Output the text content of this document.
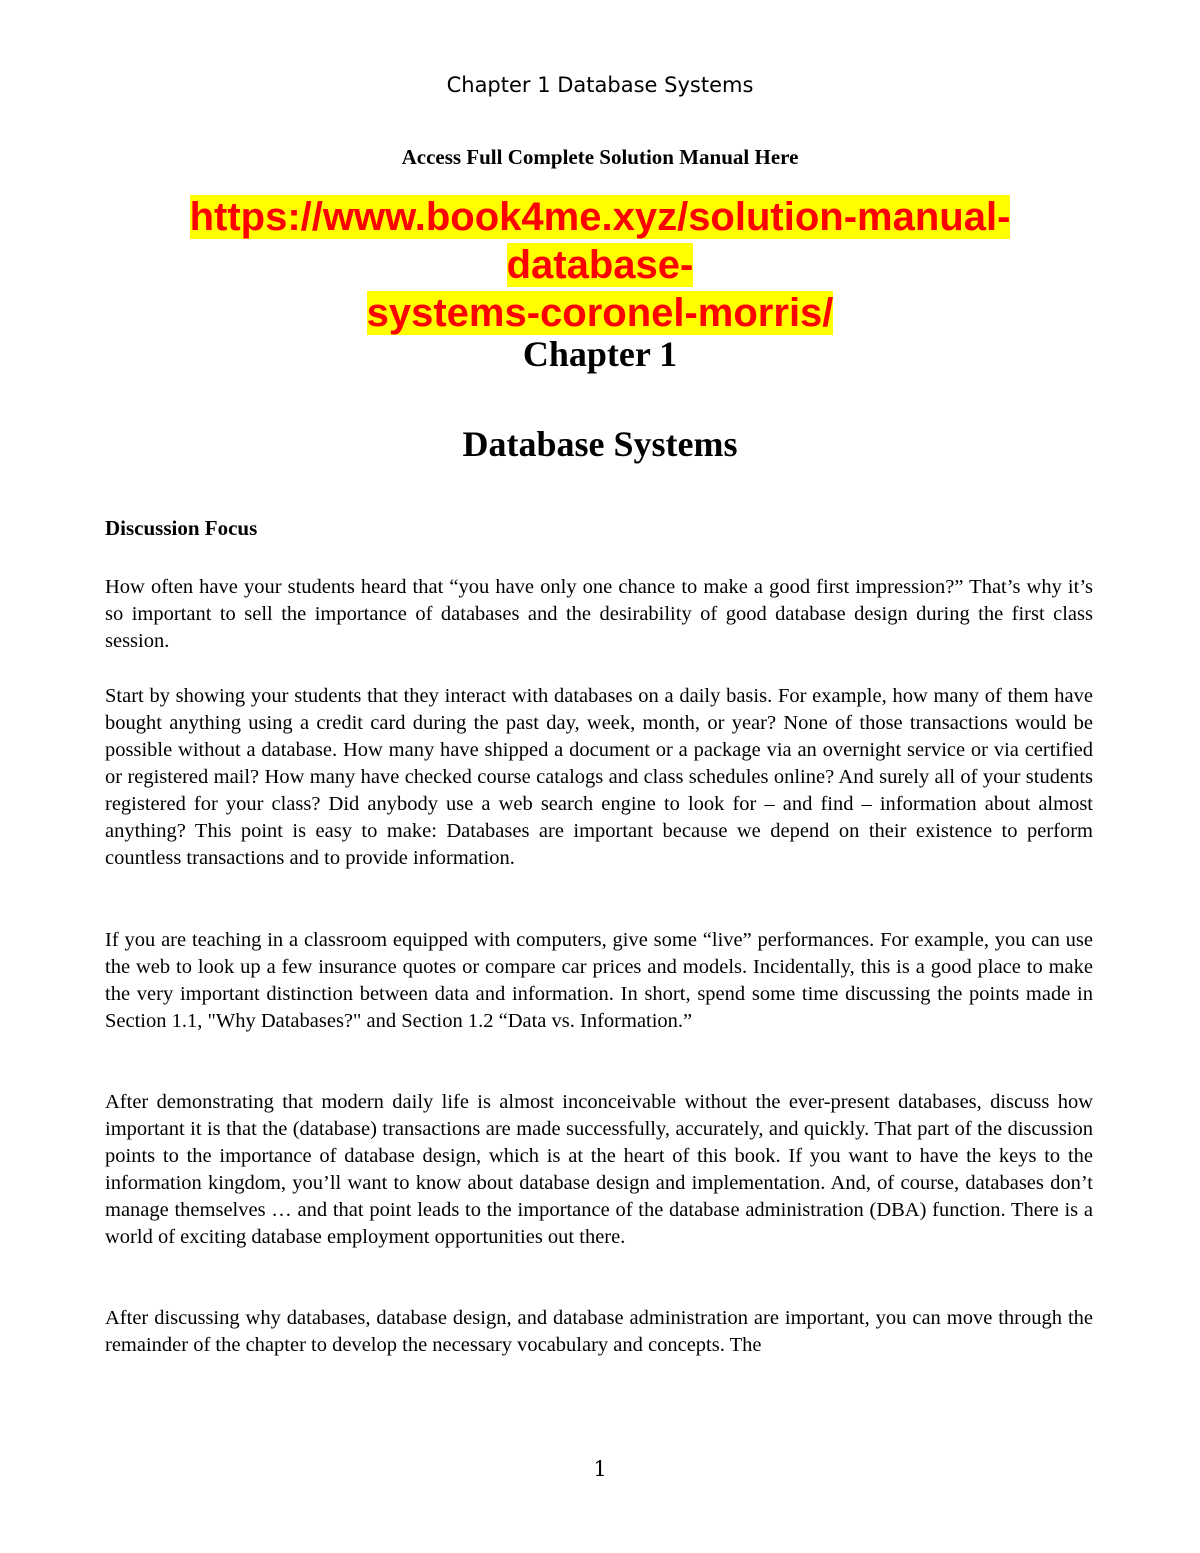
Chapter 1 Database Systems
Access Full Complete Solution Manual Here
https://www.book4me.xyz/solution-manual-database-
systems-coronel-morris/
Chapter 1
Database Systems
Discussion Focus
How often have your students heard that “you have only one chance to make a good first impression?” That’s why it’s so important to sell the importance of databases and the desirability of good database design during the first class session.
Start by showing your students that they interact with databases on a daily basis. For example, how many of them have bought anything using a credit card during the past day, week, month, or year? None of those transactions would be possible without a database. How many have shipped a document or a package via an overnight service or via certified or registered mail? How many have checked course catalogs and class schedules online? And surely all of your students registered for your class? Did anybody use a web search engine to look for – and find – information about almost anything? This point is easy to make: Databases are important because we depend on their existence to perform countless transactions and to provide information.
If you are teaching in a classroom equipped with computers, give some “live” performances. For example, you can use the web to look up a few insurance quotes or compare car prices and models. Incidentally, this is a good place to make the very important distinction between data and information. In short, spend some time discussing the points made in Section 1.1, "Why Databases?" and Section 1.2 “Data vs. Information.”
After demonstrating that modern daily life is almost inconceivable without the ever-present databases, discuss how important it is that the (database) transactions are made successfully, accurately, and quickly. That part of the discussion points to the importance of database design, which is at the heart of this book. If you want to have the keys to the information kingdom, you’ll want to know about database design and implementation. And, of course, databases don’t manage themselves … and that point leads to the importance of the database administration (DBA) function. There is a world of exciting database employment opportunities out there.
After discussing why databases, database design, and database administration are important, you can move through the remainder of the chapter to develop the necessary vocabulary and concepts. The
1
